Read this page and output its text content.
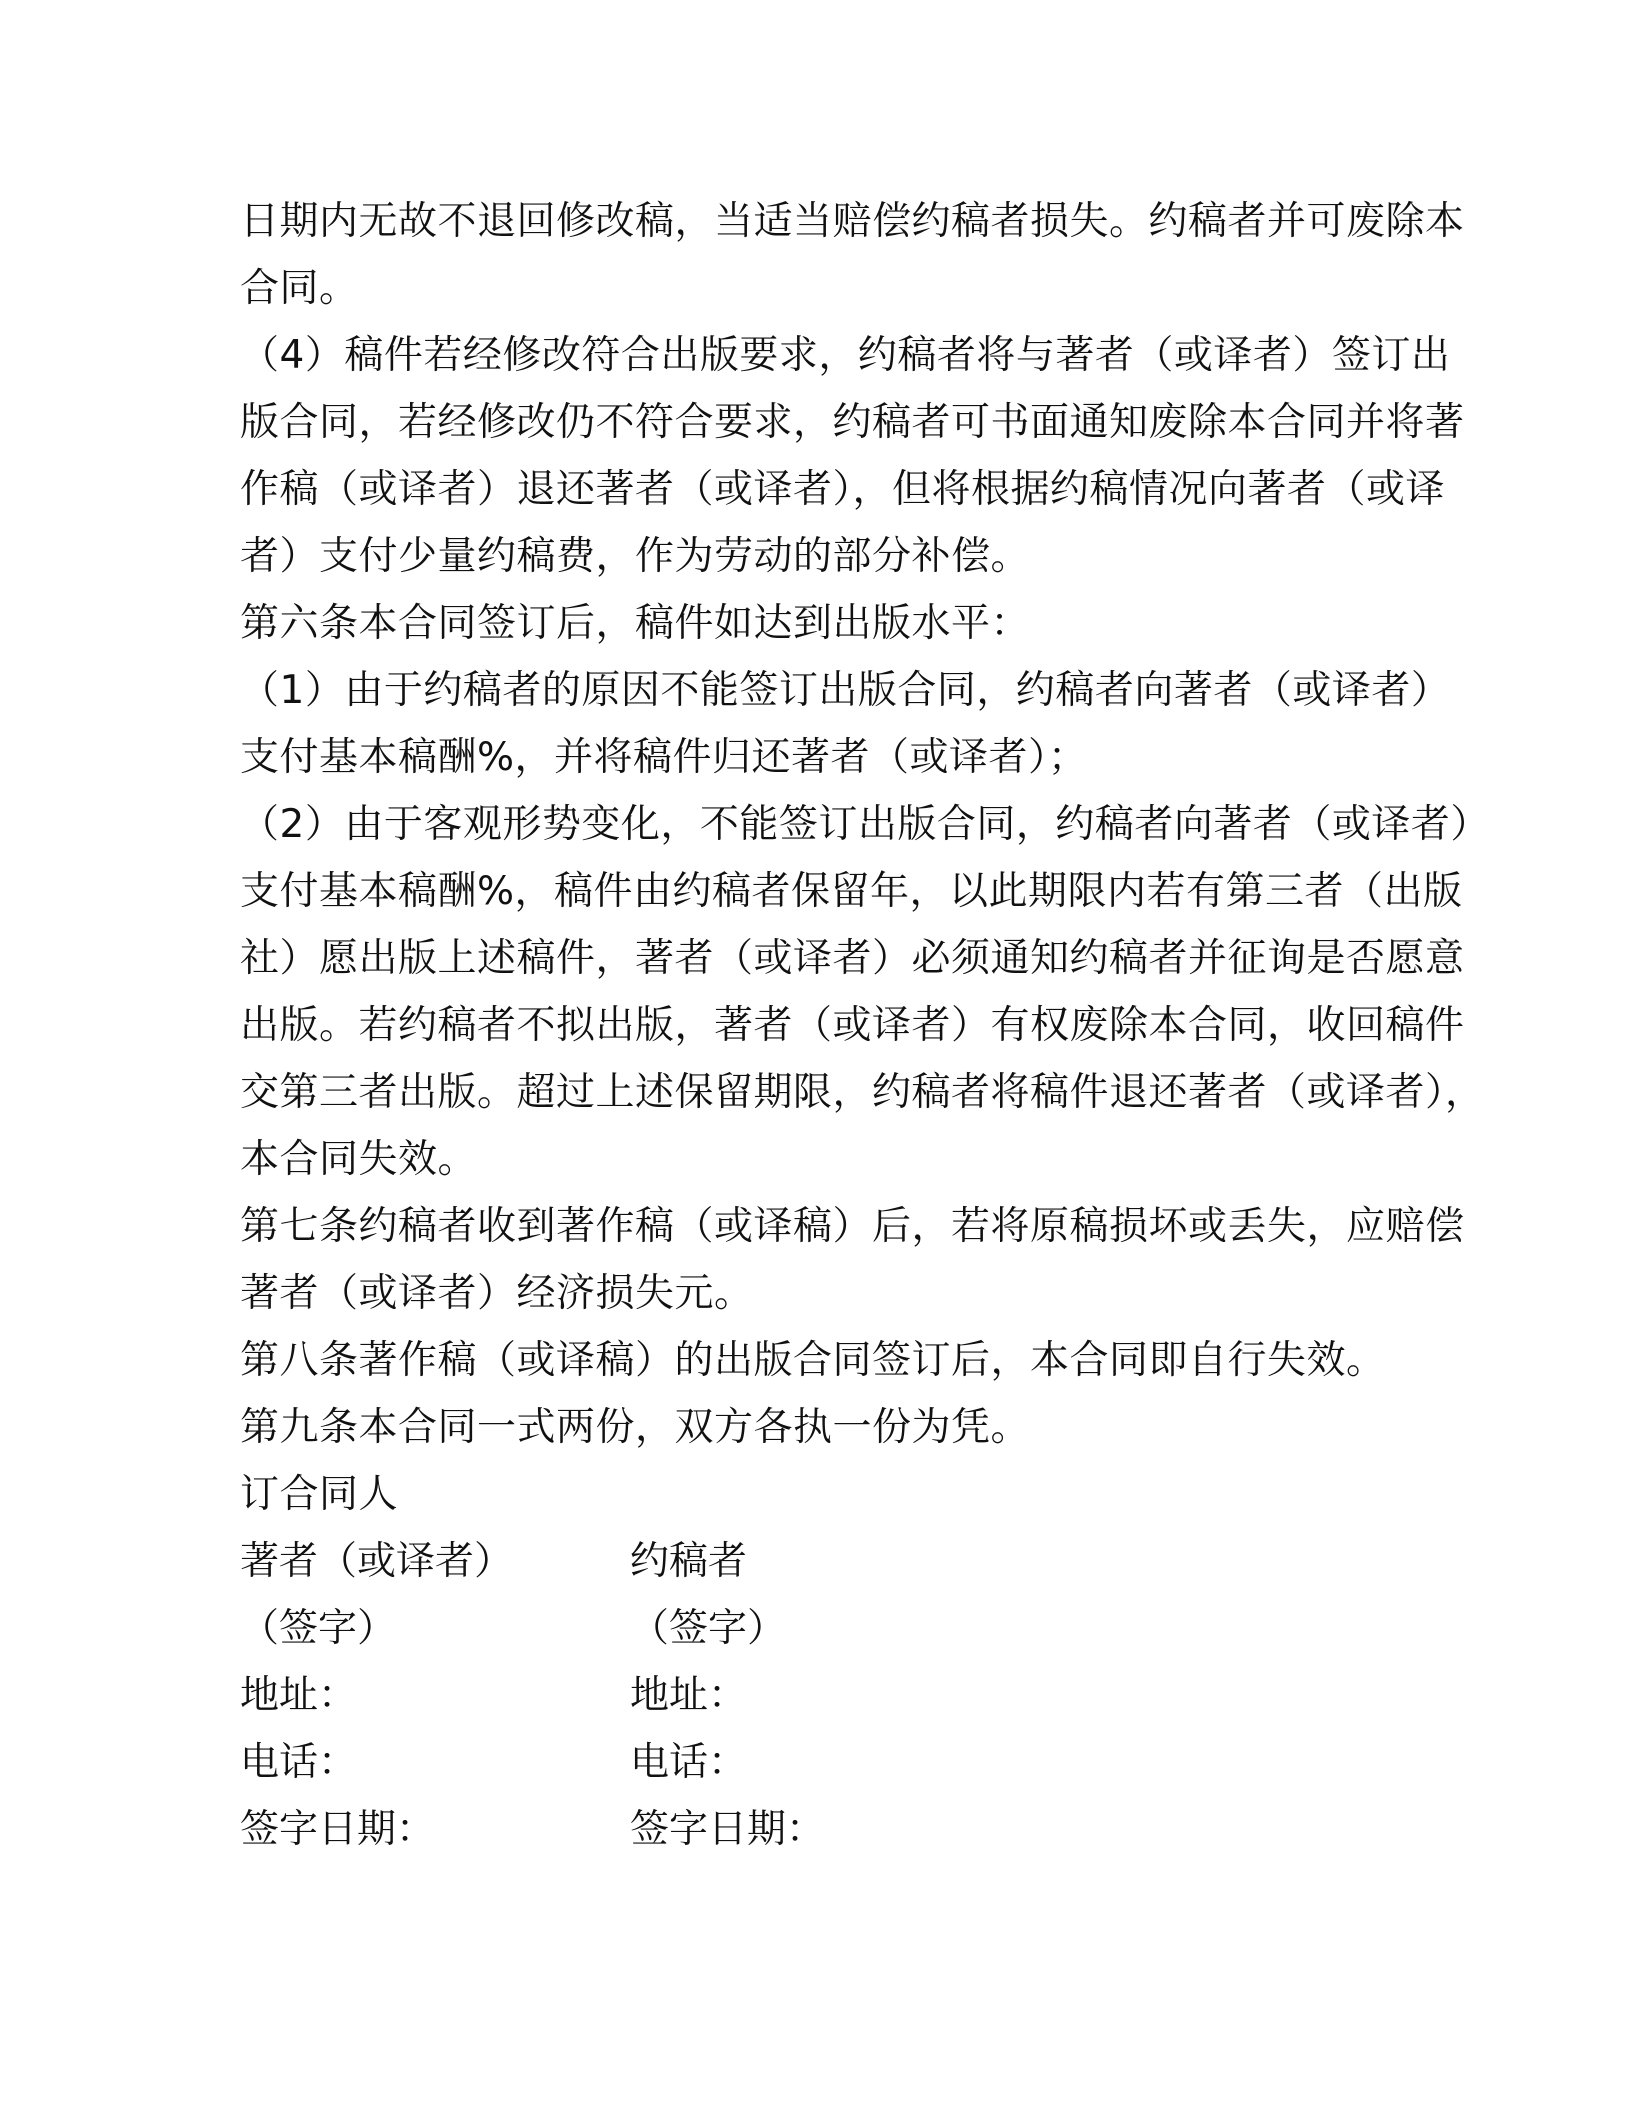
日期内无故不退回修改稿，当适当赔偿约稿者损失。约稿者并可废除本
合同。
（4）稿件若经修改符合出版要求，约稿者将与著者（或译者）签订出
版合同，若经修改仍不符合要求，约稿者可书面通知废除本合同并将著
作稿（或译者）退还著者（或译者），但将根据约稿情况向著者（或译
者）支付少量约稿费，作为劳动的部分补偿。
第六条本合同签订后，稿件如达到出版水平：
（1）由于约稿者的原因不能签订出版合同，约稿者向著者（或译者）
支付基本稿酬%，并将稿件归还著者（或译者）；
（2）由于客观形势变化，不能签订出版合同，约稿者向著者（或译者）
支付基本稿酬%，稿件由约稿者保留年，以此期限内若有第三者（出版
社）愿出版上述稿件，著者（或译者）必须通知约稿者并征询是否愿意
出版。若约稿者不拟出版，著者（或译者）有权废除本合同，收回稿件
交第三者出版。超过上述保留期限，约稿者将稿件退还著者（或译者），
本合同失效。
第七条约稿者收到著作稿（或译稿）后，若将原稿损坏或丢失，应赔偿
著者（或译者）经济损失元。
第八条著作稿（或译稿）的出版合同签订后，本合同即自行失效。
第九条本合同一式两份，双方各执一份为凭。
订合同人
著者（或译者）	约稿者
（签字）	（签字）
地址：	地址：
电话：	电话：
签字日期：	签字日期：
